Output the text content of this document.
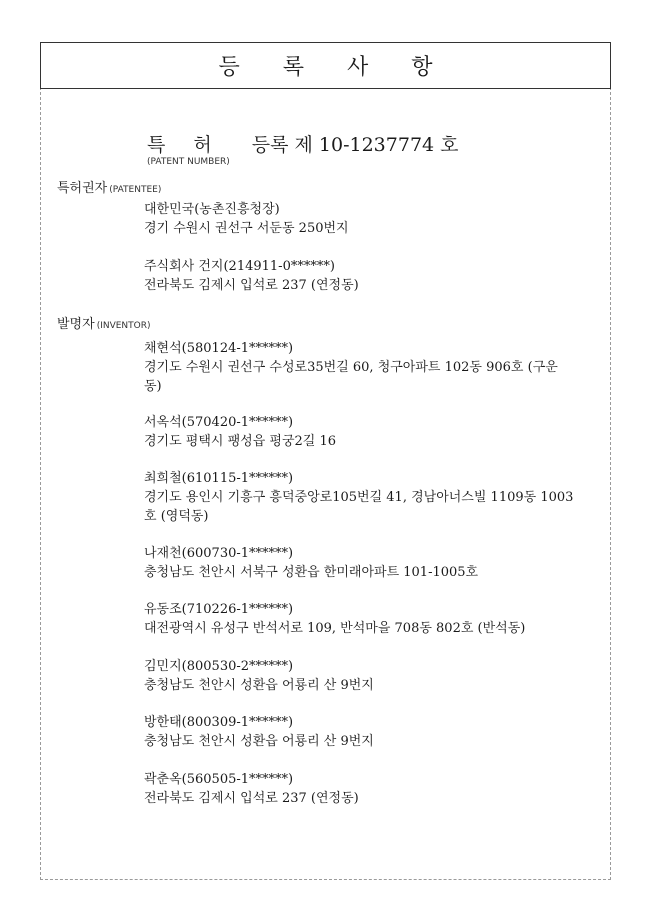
등 록 사 항
특허 등록 제 10-1237774 호
(PATENT NUMBER)
특허권자 (PATENTEE)
대한민국(농촌진흥청장)
경기 수원시 권선구 서둔동 250번지
주식회사 건지(214911-0******)
전라북도 김제시 입석로 237 (연정동)
발명자 (INVENTOR)
채현석(580124-1******)
경기도 수원시 권선구 수성로35번길 60, 청구아파트 102동 906호 (구운동)
서옥석(570420-1******)
경기도 평택시 팽성읍 평궁2길 16
최희철(610115-1******)
경기도 용인시 기흥구 흥덕중앙로105번길 41, 경남아너스빌 1109동 1003호 (영덕동)
나재천(600730-1******)
충청남도 천안시 서북구 성환읍 한미래아파트 101-1005호
유동조(710226-1******)
대전광역시 유성구 반석서로 109, 반석마을 708동 802호 (반석동)
김민지(800530-2******)
충청남도 천안시 성환읍 어룡리 산 9번지
방한태(800309-1******)
충청남도 천안시 성환읍 어룡리 산 9번지
곽춘옥(560505-1******)
전라북도 김제시 입석로 237 (연정동)
